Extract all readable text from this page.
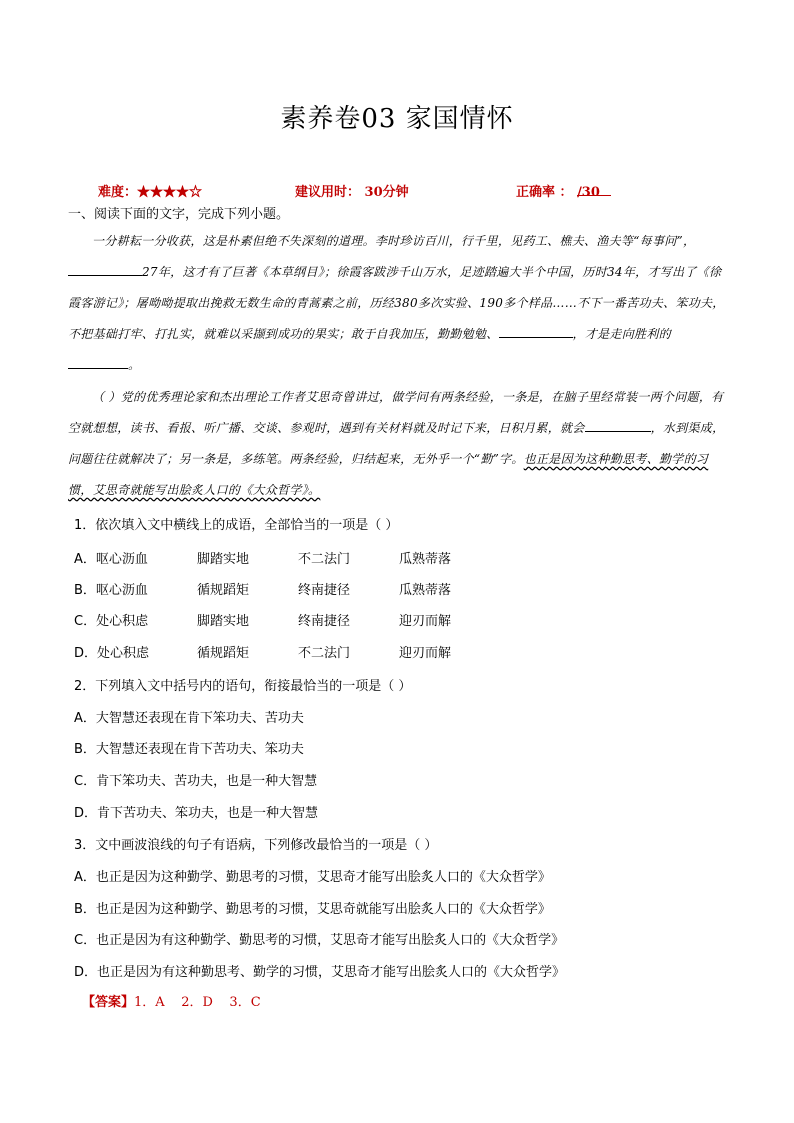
素养卷03 家国情怀
难度：★★★★☆	建议用时： 30分钟	正确率 ： /30
一、阅读下面的文字，完成下列小题。
一分耕耘一分收获，这是朴素但绝不失深刻的道理。李时珍访百川，行千里，见药工、樵夫、渔夫等“每事问”，27年，这才有了巨著《本草纲目》；徐霞客跋涉千山万水，足迹踏遍大半个中国，历时34年，才写出了《徐霞客游记》；屠呦呦提取出挽救无数生命的青蒿素之前，历经380多次实验、190多个样品……不下一番苦功夫、笨功夫，不把基础打牢、打扎实，就难以采撷到成功的果实；敢于自我加压，勤勤勉勉、	，才是走向胜利的。
（ ）党的优秀理论家和杰出理论工作者艾思奇曾讲过，做学问有两条经验，一条是，在脑子里经常装一两个问题，有空就想想，读书、看报、听广播、交谈、参观时，遇到有关材料就及时记下来，日积月累，就会	，水到渠成，问题往往就解决了；另一条是，多练笔。两条经验，归结起来，无外乎一个“勤”字。也正是因为这种勤思考、勤学的习惯，艾思奇就能写出脍炙人口的《大众哲学》。
1．依次填入文中横线上的成语，全部恰当的一项是（ ）
A．呕心沥血	脚踏实地	不二法门	瓜熟蒂落
B．呕心沥血	循规蹈矩	终南捷径	瓜熟蒂落
C．处心积虑	脚踏实地	终南捷径	迎刃而解
D．处心积虑	循规蹈矩	不二法门	迎刃而解
2．下列填入文中括号内的语句，衔接最恰当的一项是（ ）
A．大智慧还表现在肯下笨功夫、苦功夫
B．大智慧还表现在肯下苦功夫、笨功夫
C．肯下笨功夫、苦功夫，也是一种大智慧
D．肯下苦功夫、笨功夫，也是一种大智慧
3．文中画波浪线的句子有语病，下列修改最恰当的一项是（ ）
A．也正是因为这种勤学、勤思考的习惯，艾思奇才能写出脍炙人口的《大众哲学》
B．也正是因为这种勤学、勤思考的习惯，艾思奇就能写出脍炙人口的《大众哲学》
C．也正是因为有这种勤学、勤思考的习惯，艾思奇才能写出脍炙人口的《大众哲学》
D．也正是因为有这种勤思考、勤学的习惯，艾思奇才能写出脍炙人口的《大众哲学》
【答案】1．A    2．D    3．C
